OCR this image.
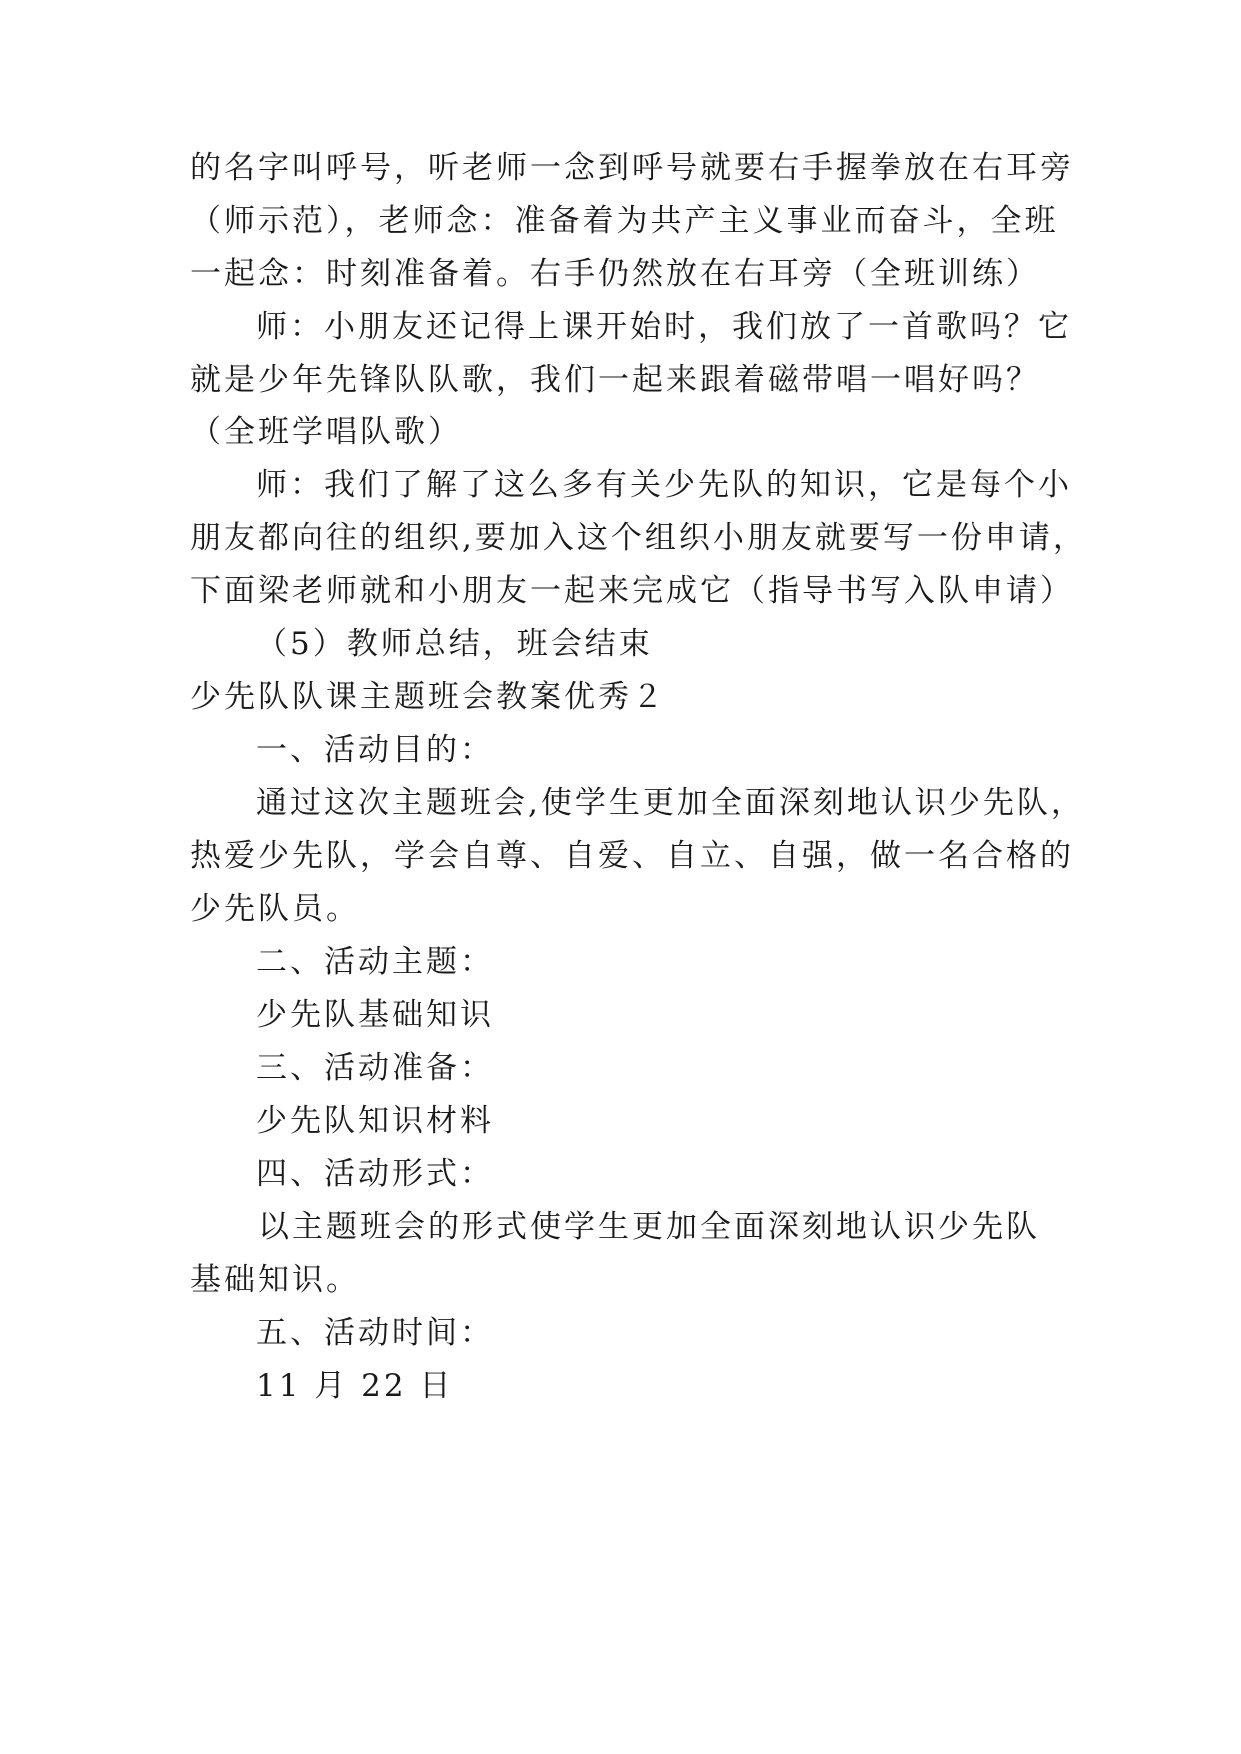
的名字叫呼号，听老师一念到呼号就要右手握拳放在右耳旁
（师示范），老师念：准备着为共产主义事业而奋斗，全班
一起念：时刻准备着。右手仍然放在右耳旁（全班训练）
师：小朋友还记得上课开始时，我们放了一首歌吗？它
就是少年先锋队队歌，我们一起来跟着磁带唱一唱好吗？
（全班学唱队歌）
师：我们了解了这么多有关少先队的知识，它是每个小
朋友都向往的组织,要加入这个组织小朋友就要写一份申请，
下面梁老师就和小朋友一起来完成它（指导书写入队申请）
（5）教师总结，班会结束
少先队队课主题班会教案优秀２
一、活动目的：
通过这次主题班会,使学生更加全面深刻地认识少先队，
热爱少先队，学会自尊、自爱、自立、自强，做一名合格的
少先队员。
二、活动主题：
少先队基础知识
三、活动准备：
少先队知识材料
四、活动形式：
以主题班会的形式使学生更加全面深刻地认识少先队
基础知识。
五、活动时间：
11 月 22 日
